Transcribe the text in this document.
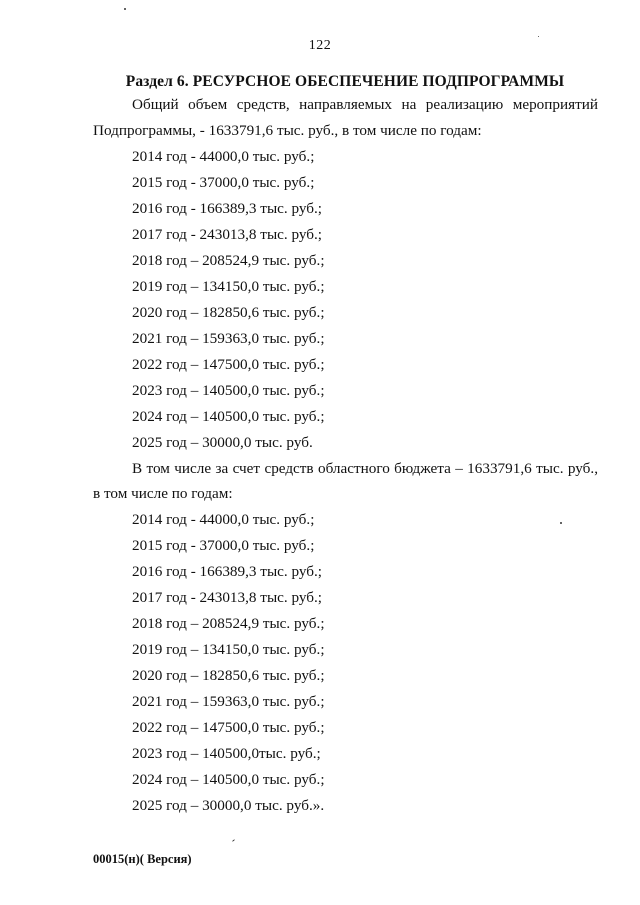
122
Раздел 6. РЕСУРСНОЕ ОБЕСПЕЧЕНИЕ ПОДПРОГРАММЫ
Общий объем средств, направляемых на реализацию мероприятий
Подпрограммы, - 1633791,6 тыс. руб., в том числе по годам:
2014 год - 44000,0 тыс. руб.;
2015 год - 37000,0 тыс. руб.;
2016 год - 166389,3 тыс. руб.;
2017 год - 243013,8 тыс. руб.;
2018 год – 208524,9 тыс. руб.;
2019 год – 134150,0 тыс. руб.;
2020 год – 182850,6 тыс. руб.;
2021 год – 159363,0 тыс. руб.;
2022 год – 147500,0 тыс. руб.;
2023 год – 140500,0 тыс. руб.;
2024 год – 140500,0 тыс. руб.;
2025 год – 30000,0 тыс. руб.
В том числе за счет средств областного бюджета – 1633791,6 тыс. руб.,
в том числе по годам:
2014 год - 44000,0 тыс. руб.;
2015 год - 37000,0 тыс. руб.;
2016 год - 166389,3 тыс. руб.;
2017 год - 243013,8 тыс. руб.;
2018 год – 208524,9 тыс. руб.;
2019 год – 134150,0 тыс. руб.;
2020 год – 182850,6 тыс. руб.;
2021 год – 159363,0 тыс. руб.;
2022 год – 147500,0 тыс. руб.;
2023 год – 140500,0тыс. руб.;
2024 год – 140500,0 тыс. руб.;
2025 год – 30000,0 тыс. руб.».
00015(н)( Версия)
